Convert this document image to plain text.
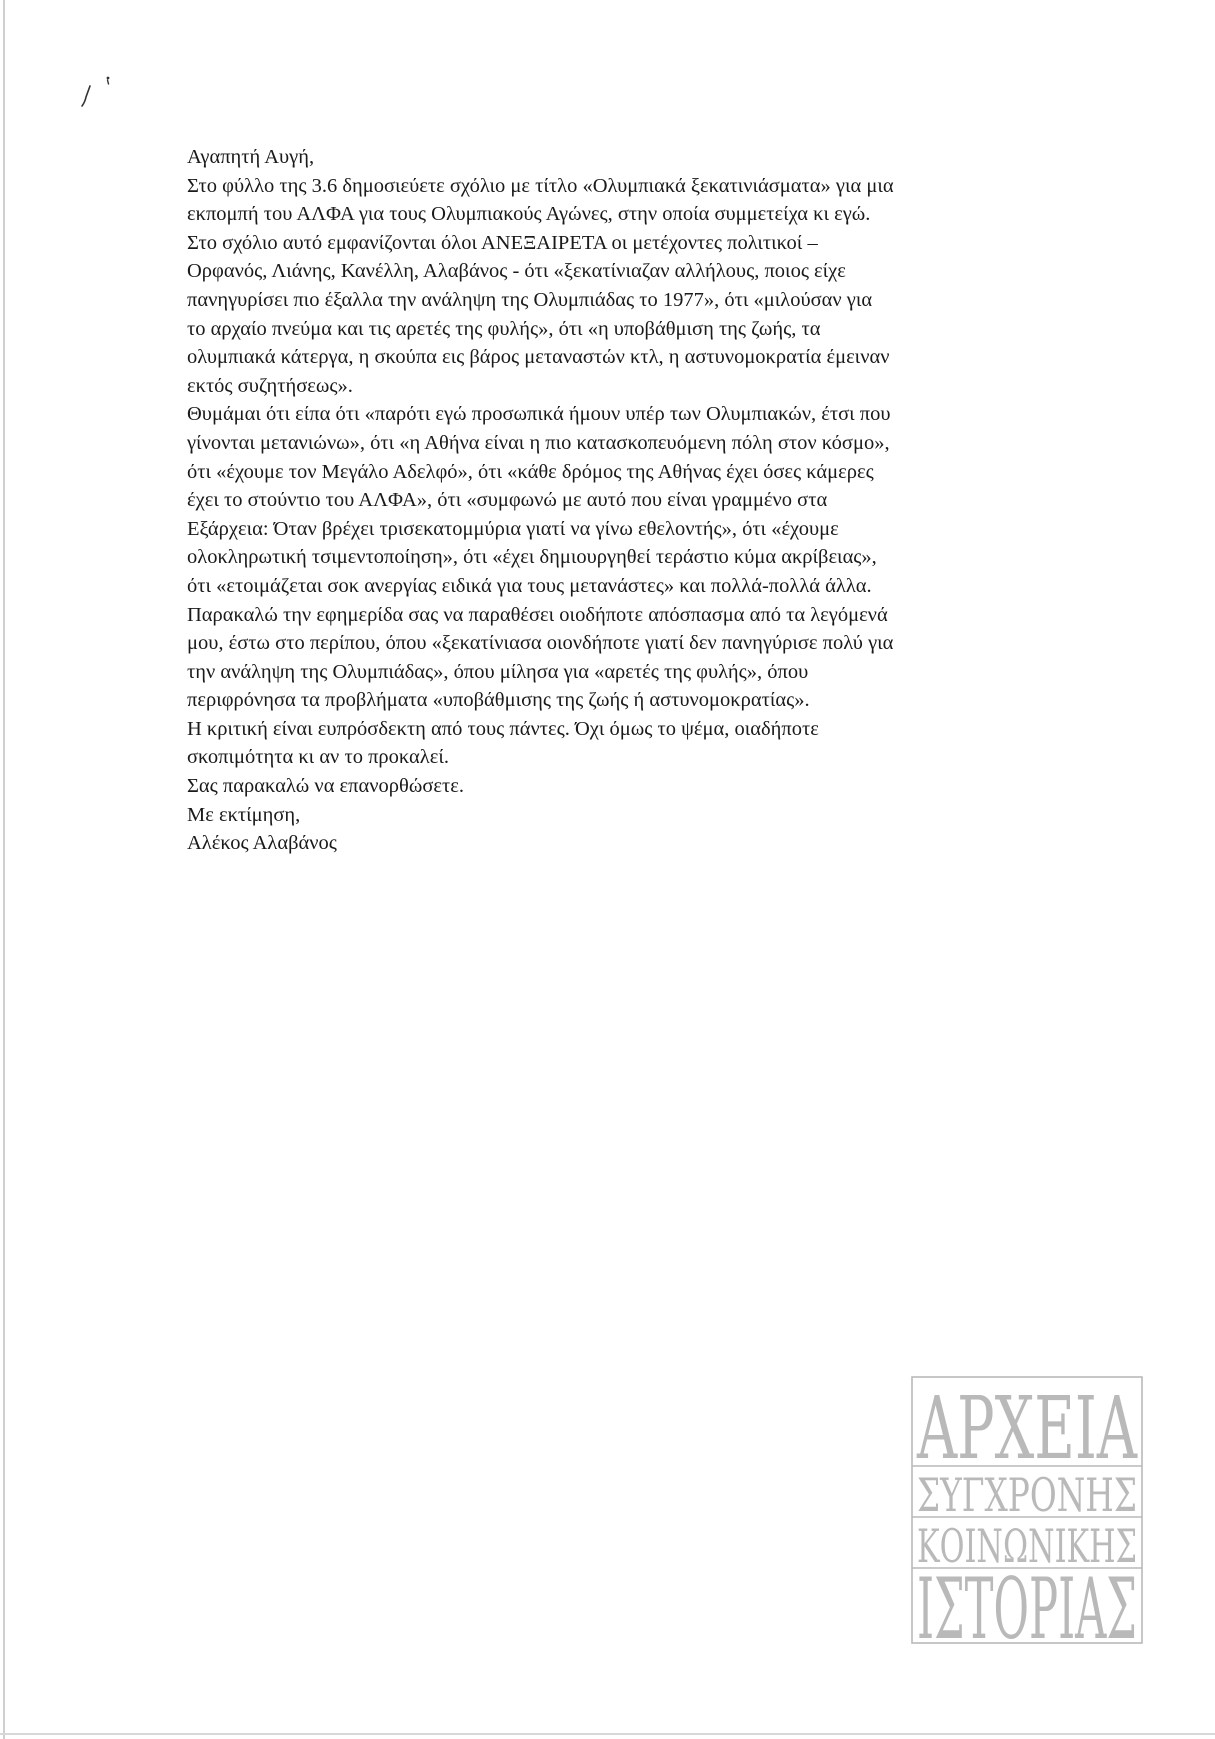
Αγαπητή Αυγή,
Στο φύλλο της 3.6 δημοσιεύετε σχόλιο με τίτλο «Ολυμπιακά ξεκατινιάσματα» για μια
εκπομπή του ΑΛΦΑ για τους Ολυμπιακούς Αγώνες, στην οποία συμμετείχα κι εγώ.
Στο σχόλιο αυτό εμφανίζονται όλοι ΑΝΕΞΑΙΡΕΤΑ οι μετέχοντες πολιτικοί –
Ορφανός, Λιάνης, Κανέλλη, Αλαβάνος - ότι «ξεκατίνιαζαν αλλήλους, ποιος είχε
πανηγυρίσει πιο έξαλλα την ανάληψη της Ολυμπιάδας το 1977», ότι «μιλούσαν για
το αρχαίο πνεύμα και τις αρετές της φυλής», ότι «η υποβάθμιση της ζωής, τα
ολυμπιακά κάτεργα, η σκούπα εις βάρος μεταναστών κτλ, η αστυνομοκρατία έμειναν
εκτός συζητήσεως».
Θυμάμαι ότι είπα ότι «παρότι εγώ προσωπικά ήμουν υπέρ των Ολυμπιακών, έτσι που
γίνονται μετανιώνω», ότι «η Αθήνα είναι η πιο κατασκοπευόμενη πόλη στον κόσμο»,
ότι «έχουμε τον Μεγάλο Αδελφό», ότι «κάθε δρόμος της Αθήνας έχει όσες κάμερες
έχει το στούντιο του ΑΛΦΑ», ότι «συμφωνώ με αυτό που είναι γραμμένο στα
Εξάρχεια: Όταν βρέχει τρισεκατομμύρια γιατί να γίνω εθελοντής», ότι «έχουμε
ολοκληρωτική τσιμεντοποίηση», ότι «έχει δημιουργηθεί τεράστιο κύμα ακρίβειας»,
ότι «ετοιμάζεται σοκ ανεργίας ειδικά για τους μετανάστες» και πολλά-πολλά άλλα.
Παρακαλώ την εφημερίδα σας να παραθέσει οιοδήποτε απόσπασμα από τα λεγόμενά
μου, έστω στο περίπου, όπου «ξεκατίνιασα οιονδήποτε γιατί δεν πανηγύρισε πολύ για
την ανάληψη της Ολυμπιάδας», όπου μίλησα για «αρετές της φυλής», όπου
περιφρόνησα τα προβλήματα «υποβάθμισης της ζωής ή αστυνομοκρατίας».
Η κριτική είναι ευπρόσδεκτη από τους πάντες. Όχι όμως το ψέμα, οιαδήποτε
σκοπιμότητα κι αν το προκαλεί.
Σας παρακαλώ να επανορθώσετε.
Με εκτίμηση,
Αλέκος Αλαβάνος
ΑΡΧΕΙΑ
ΣΥΓΧΡΟΝΗΣ
ΚΟΙΝΩΝΙΚΗΣ
ΙΣΤΟΡΙΑΣ
